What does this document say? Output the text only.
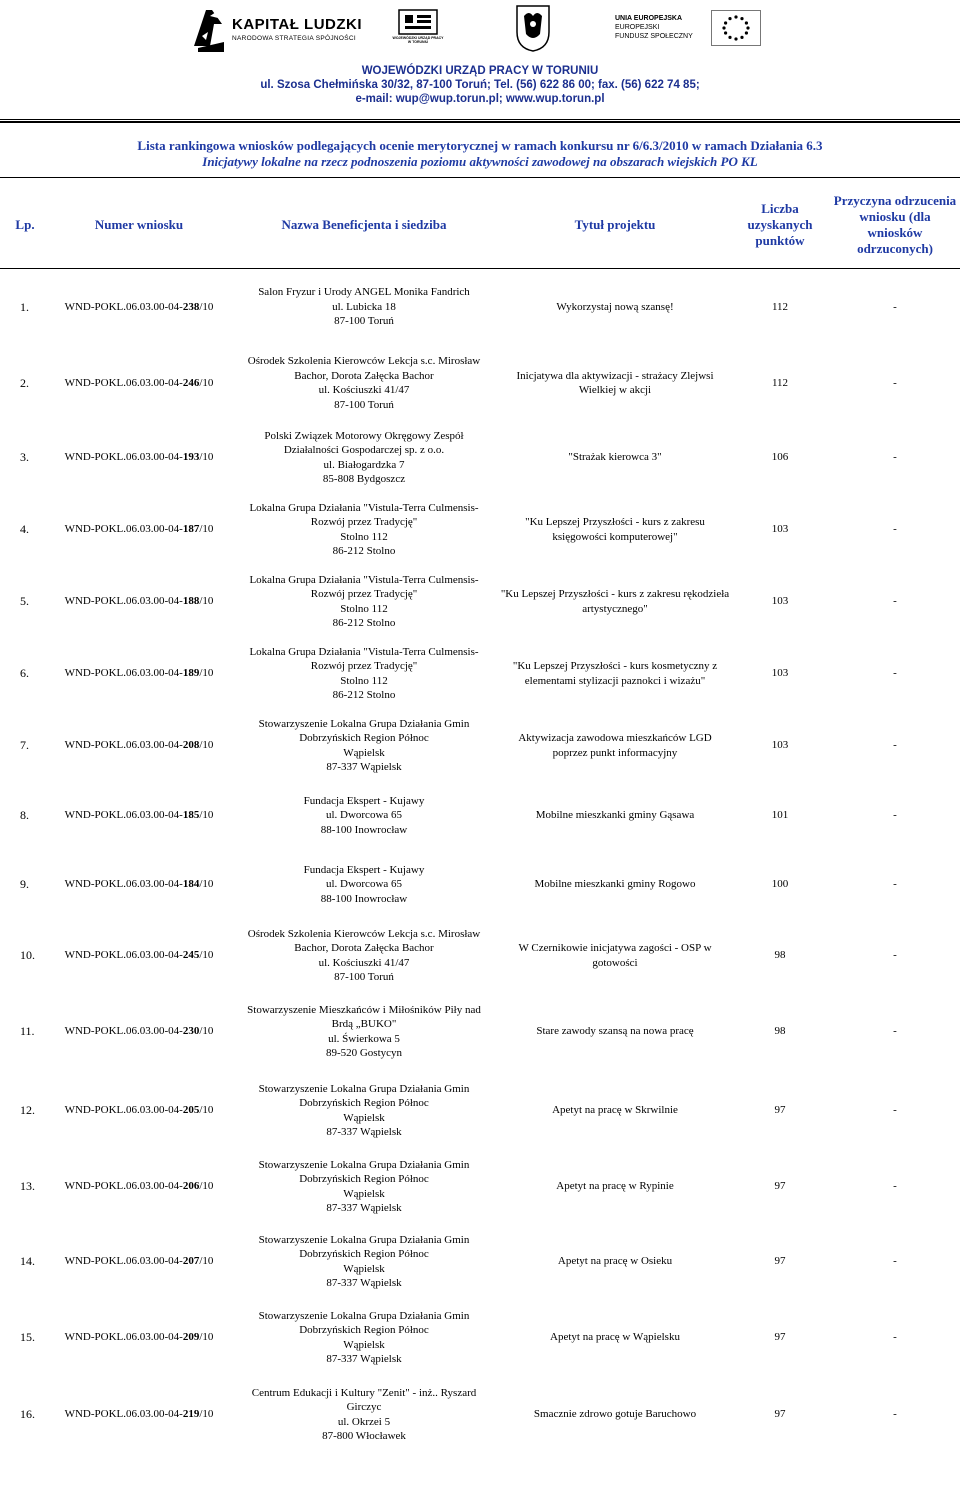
KAPITAŁ LUDZKI
NARODOWA STRATEGIA SPÓJNOŚCI	WOJEWÓDZKI URZĄD PRACY W TORUNIU
UNIA EUROPEJSKA
EUROPEJSKI
FUNDUSZ SPOŁECZNY
WOJEWÓDZKI URZĄD PRACY W TORUNIU
ul. Szosa Chełmińska 30/32, 87-100 Toruń; Tel. (56) 622 86 00; fax. (56) 622 74 85;
e-mail: wup@wup.torun.pl; www.wup.torun.pl
Lista rankingowa wniosków podlegających ocenie merytorycznej w ramach konkursu nr 6/6.3/2010 w ramach Działania 6.3
Inicjatywy lokalne na rzecz podnoszenia poziomu aktywności zawodowej na obszarach wiejskich PO KL
Lp.	Numer wniosku	Nazwa Beneficjenta i siedziba	Tytuł projektu	Liczba uzyskanych punktów	Przyczyna odrzucenia wniosku (dla wniosków odrzuconych)
1.	WND-POKL.06.03.00-04-238/10	Salon Fryzur i Urody ANGEL Monika Fandrich
ul. Lubicka 18
87-100 Toruń	Wykorzystaj nową szansę!	112	-
2.	WND-POKL.06.03.00-04-246/10	Ośrodek Szkolenia Kierowców Lekcja s.c. Mirosław
Bachor, Dorota Załęcka Bachor
ul. Kościuszki 41/47
87-100 Toruń	Inicjatywa dla aktywizacji - strażacy Zlejwsi Wielkiej w akcji	112	-
3.	WND-POKL.06.03.00-04-193/10	Polski Związek Motorowy Okręgowy Zespół
Działalności Gospodarczej sp. z o.o.
ul. Białogardzka 7
85-808 Bydgoszcz	"Strażak kierowca 3"	106	-
4.	WND-POKL.06.03.00-04-187/10	Lokalna Grupa Działania "Vistula-Terra Culmensis-
Rozwój przez Tradycję"
Stolno 112
86-212 Stolno	"Ku Lepszej Przyszłości - kurs z zakresu księgowości komputerowej"	103	-
5.	WND-POKL.06.03.00-04-188/10	Lokalna Grupa Działania "Vistula-Terra Culmensis-
Rozwój przez Tradycję"
Stolno 112
86-212 Stolno	"Ku Lepszej Przyszłości - kurs z zakresu rękodzieła artystycznego"	103	-
6.	WND-POKL.06.03.00-04-189/10	Lokalna Grupa Działania "Vistula-Terra Culmensis-
Rozwój przez Tradycję"
Stolno 112
86-212 Stolno	"Ku Lepszej Przyszłości - kurs kosmetyczny z elementami stylizacji paznokci i wizażu"	103	-
7.	WND-POKL.06.03.00-04-208/10	Stowarzyszenie Lokalna Grupa Działania Gmin
Dobrzyńskich Region Północ
Wąpielsk
87-337 Wąpielsk	Aktywizacja zawodowa mieszkańców LGD poprzez punkt informacyjny	103	-
8.	WND-POKL.06.03.00-04-185/10	Fundacja Ekspert - Kujawy
ul. Dworcowa 65
88-100 Inowrocław	Mobilne mieszkanki gminy Gąsawa	101	-
9.	WND-POKL.06.03.00-04-184/10	Fundacja Ekspert - Kujawy
ul. Dworcowa 65
88-100 Inowrocław	Mobilne mieszkanki gminy Rogowo	100	-
10.	WND-POKL.06.03.00-04-245/10	Ośrodek Szkolenia Kierowców Lekcja s.c. Mirosław
Bachor, Dorota Załęcka Bachor
ul. Kościuszki 41/47
87-100 Toruń	W Czernikowie inicjatywa zagości - OSP w gotowości	98	-
11.	WND-POKL.06.03.00-04-230/10	Stowarzyszenie Mieszkańców i Miłośników Piły nad
Brdą „BUKO"
ul. Świerkowa 5
89-520 Gostycyn	Stare zawody szansą na nowa pracę	98	-
12.	WND-POKL.06.03.00-04-205/10	Stowarzyszenie Lokalna Grupa Działania Gmin
Dobrzyńskich Region Północ
Wąpielsk
87-337 Wąpielsk	Apetyt na pracę w Skrwilnie	97	-
13.	WND-POKL.06.03.00-04-206/10	Stowarzyszenie Lokalna Grupa Działania Gmin
Dobrzyńskich Region Północ
Wąpielsk
87-337 Wąpielsk	Apetyt na pracę w Rypinie	97	-
14.	WND-POKL.06.03.00-04-207/10	Stowarzyszenie Lokalna Grupa Działania Gmin
Dobrzyńskich Region Północ
Wąpielsk
87-337 Wąpielsk	Apetyt na pracę w Osieku	97	-
15.	WND-POKL.06.03.00-04-209/10	Stowarzyszenie Lokalna Grupa Działania Gmin
Dobrzyńskich Region Północ
Wąpielsk
87-337 Wąpielsk	Apetyt na pracę w Wąpielsku	97	-
16.	WND-POKL.06.03.00-04-219/10	Centrum Edukacji i Kultury "Zenit" - inż.. Ryszard
Girczyc
ul. Okrzei 5
87-800 Włocławek	Smacznie zdrowo gotuje Baruchowo	97	-
